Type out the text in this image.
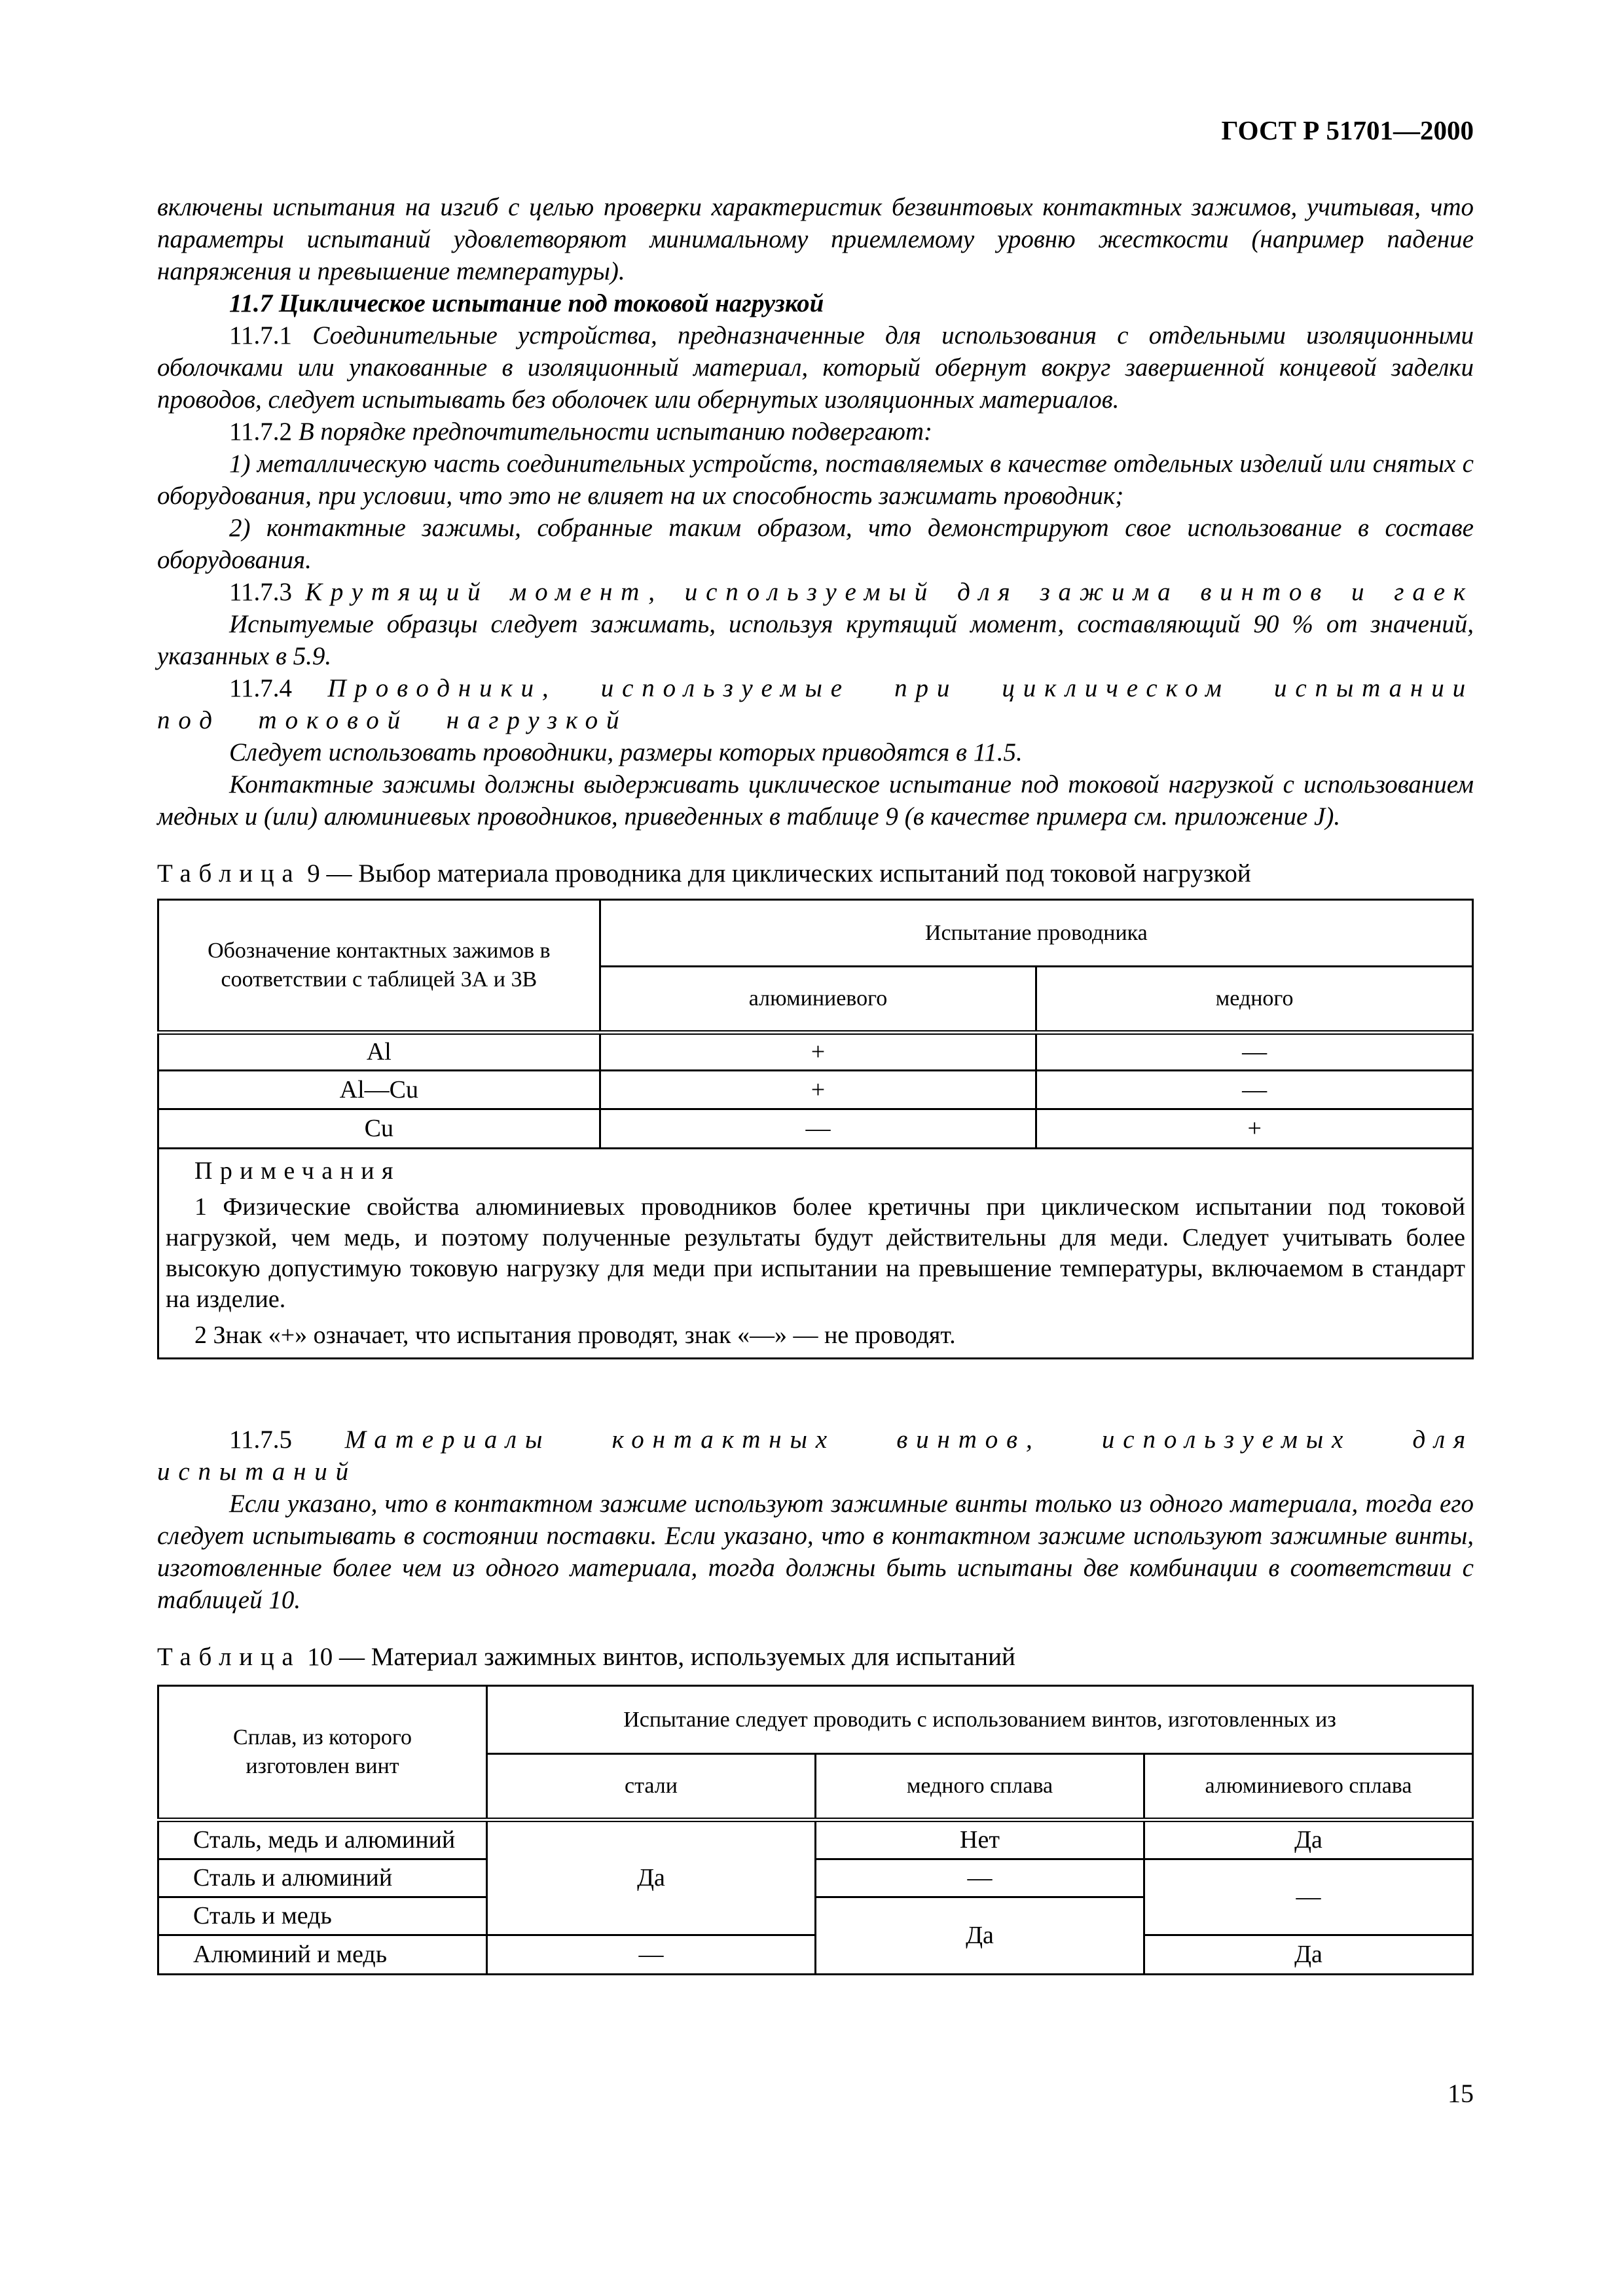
ГОСТ Р 51701—2000

включены испытания на изгиб с целью проверки характеристик безвинтовых контактных зажимов, учитывая, что параметры испытаний удовлетворяют минимальному приемлемому уровню жесткости (например падение напряжения и превышение температуры).

11.7 Циклическое испытание под токовой нагрузкой

11.7.1 Соединительные устройства, предназначенные для использования с отдельными изоляционными оболочками или упакованные в изоляционный материал, который обернут вокруг завершенной концевой заделки проводов, следует испытывать без оболочек или обернутых изоляционных материалов.

11.7.2 В порядке предпочтительности испытанию подвергают:

1) металлическую часть соединительных устройств, поставляемых в качестве отдельных изделий или снятых с оборудования, при условии, что это не влияет на их способность зажимать проводник;

2) контактные зажимы, собранные таким образом, что демонстрируют свое использование в составе оборудования.

11.7.3 Крутящий момент, используемый для зажима винтов и гаек

Испытуемые образцы следует зажимать, используя крутящий момент, составляющий 90 % от значений, указанных в 5.9.

11.7.4 Проводники, используемые при циклическом испытании под токовой нагрузкой

Следует использовать проводники, размеры которых приводятся в 11.5.

Контактные зажимы должны выдерживать циклическое испытание под токовой нагрузкой с использованием медных и (или) алюминиевых проводников, приведенных в таблице 9 (в качестве примера см. приложение J).

Таблица 9 — Выбор материала проводника для циклических испытаний под токовой нагрузкой

Обозначение контактных зажимов в соответствии с таблицей 3А и 3В	Испытание проводника	
	алюминиевого	медного
Al	+	—
Al—Cu	+	—
Cu	—	+

Примечания

1 Физические свойства алюминиевых проводников более кретичны при циклическом испытании под токовой нагрузкой, чем медь, и поэтому полученные результаты будут действительны для меди. Следует учитывать более высокую допустимую токовую нагрузку для меди при испытании на превышение температуры, включаемом в стандарт на изделие.

2 Знак «+» означает, что испытания проводят, знак «—» — не проводят.		

11.7.5 Материалы контактных винтов, используемых для испытаний

Если указано, что в контактном зажиме используют зажимные винты только из одного материала, тогда его следует испытывать в состоянии поставки. Если указано, что в контактном зажиме используют зажимные винты, изготовленные более чем из одного материала, тогда должны быть испытаны две комбинации в соответствии с таблицей 10.

Таблица 10 — Материал зажимных винтов, используемых для испытаний

Сплав, из которого изготовлен винт	Испытание следует проводить с использованием винтов, изготовленных из		
	стали	медного сплава	алюминиевого сплава
Сталь, медь и алюминий	Да	Нет	Да
Сталь и алюминий		—	—
Сталь и медь		Да	
Алюминий и медь	—		Да
15
